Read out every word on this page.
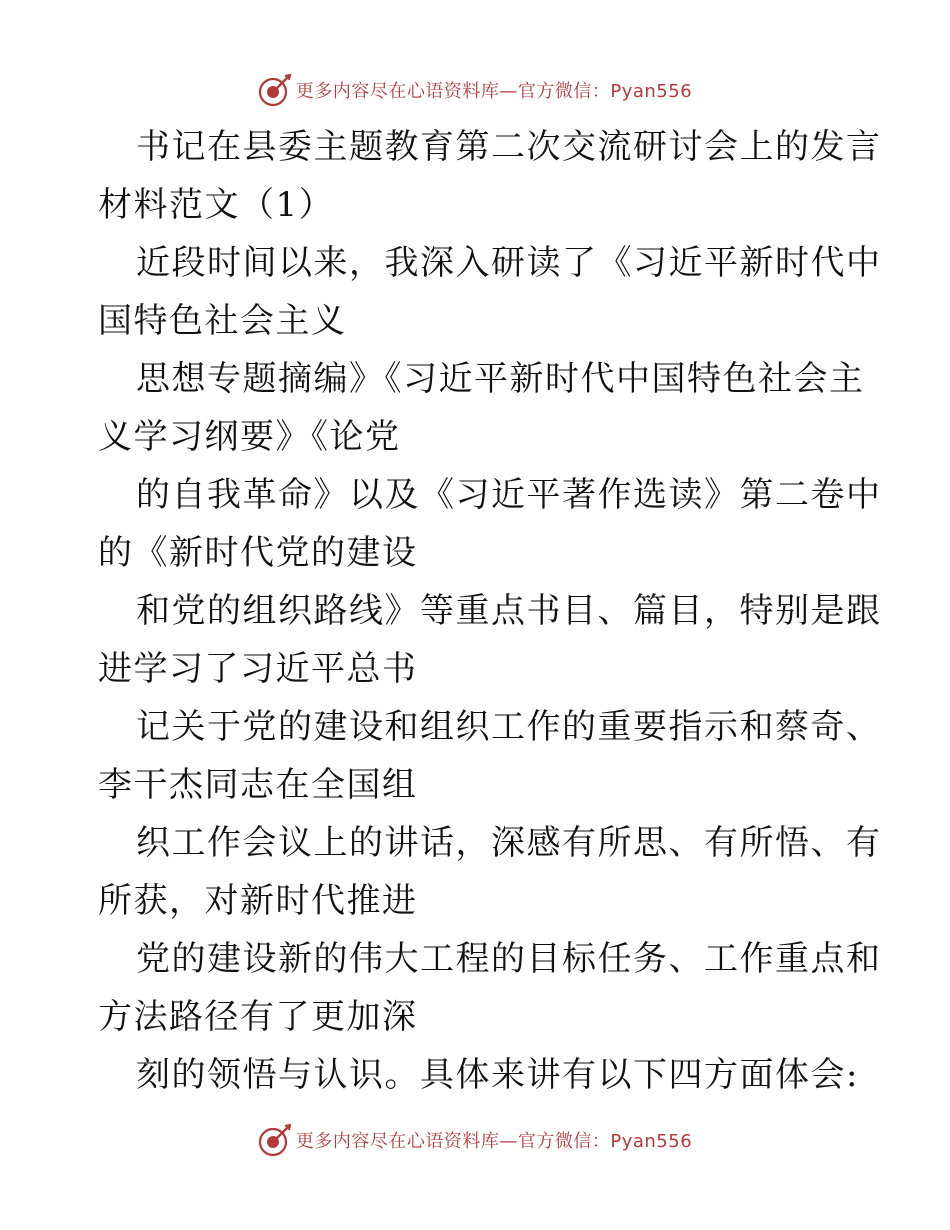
更多内容尽在心语资料库—官方微信：Pyan556

书记在县委主题教育第二次交流研讨会上的发言
材料范文（1）

近段时间以来，我深入研读了《习近平新时代中
国特色社会主义

思想专题摘编》《习近平新时代中国特色社会主
义学习纲要》《论党

的自我革命》以及《习近平著作选读》第二卷中
的《新时代党的建设

和党的组织路线》等重点书目、篇目，特别是跟
进学习了习近平总书

记关于党的建设和组织工作的重要指示和蔡奇、
李干杰同志在全国组

织工作会议上的讲话，深感有所思、有所悟、有
所获，对新时代推进

党的建设新的伟大工程的目标任务、工作重点和
方法路径有了更加深

刻的领悟与认识。具体来讲有以下四方面体会:

更多内容尽在心语资料库—官方微信：Pyan556
